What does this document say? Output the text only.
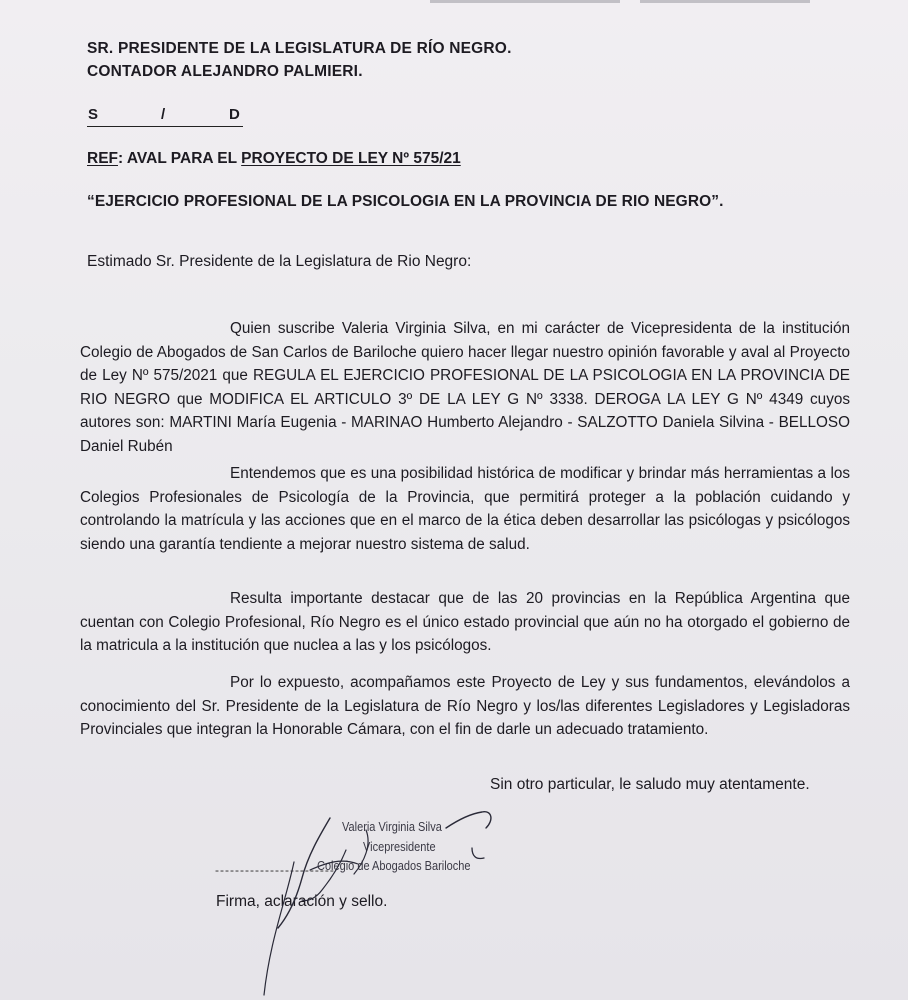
SR. PRESIDENTE DE LA LEGISLATURA DE RÍO NEGRO.

CONTADOR ALEJANDRO PALMIERI.

S	/	D
REF: AVAL PARA EL PROYECTO DE LEY Nº 575/21
“EJERCICIO PROFESIONAL DE LA PSICOLOGIA EN LA PROVINCIA DE RIO NEGRO”.
Estimado Sr. Presidente de la Legislatura de Rio Negro:

Quien suscribe Valeria Virginia Silva, en mi carácter de Vicepresidenta de la institución Colegio de Abogados de San Carlos de Bariloche quiero hacer llegar nuestro opinión favorable y aval al Proyecto de Ley Nº 575/2021 que REGULA EL EJERCICIO PROFESIONAL DE LA PSICOLOGIA EN LA PROVINCIA DE RIO NEGRO que MODIFICA EL ARTICULO 3º DE LA LEY G Nº 3338. DEROGA LA LEY G Nº 4349 cuyos autores son: MARTINI María Eugenia - MARINAO Humberto Alejandro - SALZOTTO Daniela Silvina - BELLOSO Daniel Rubén

Entendemos que es una posibilidad histórica de modificar y brindar más herramientas a los Colegios Profesionales de Psicología de la Provincia, que permitirá proteger a la población cuidando y controlando la matrícula y las acciones que en el marco de la ética deben desarrollar las psicólogas y psicólogos siendo una garantía tendiente a mejorar nuestro sistema de salud.

Resulta importante destacar que de las 20 provincias en la República Argentina que cuentan con Colegio Profesional, Río Negro es el único estado provincial que aún no ha otorgado el gobierno de la matricula a la institución que nuclea a las y los psicólogos.

Por lo expuesto, acompañamos este Proyecto de Ley y sus fundamentos, elevándolos a conocimiento del Sr. Presidente de la Legislatura de Río Negro y los/las diferentes Legisladores y Legisladoras Provinciales que integran la Honorable Cámara, con el fin de darle un adecuado tratamiento.

Sin otro particular, le saludo muy atentamente.
------------------------
Valeria Virginia Silva
Vicepresidente
Colegio de Abogados Bariloche
Firma, aclaración y sello.
